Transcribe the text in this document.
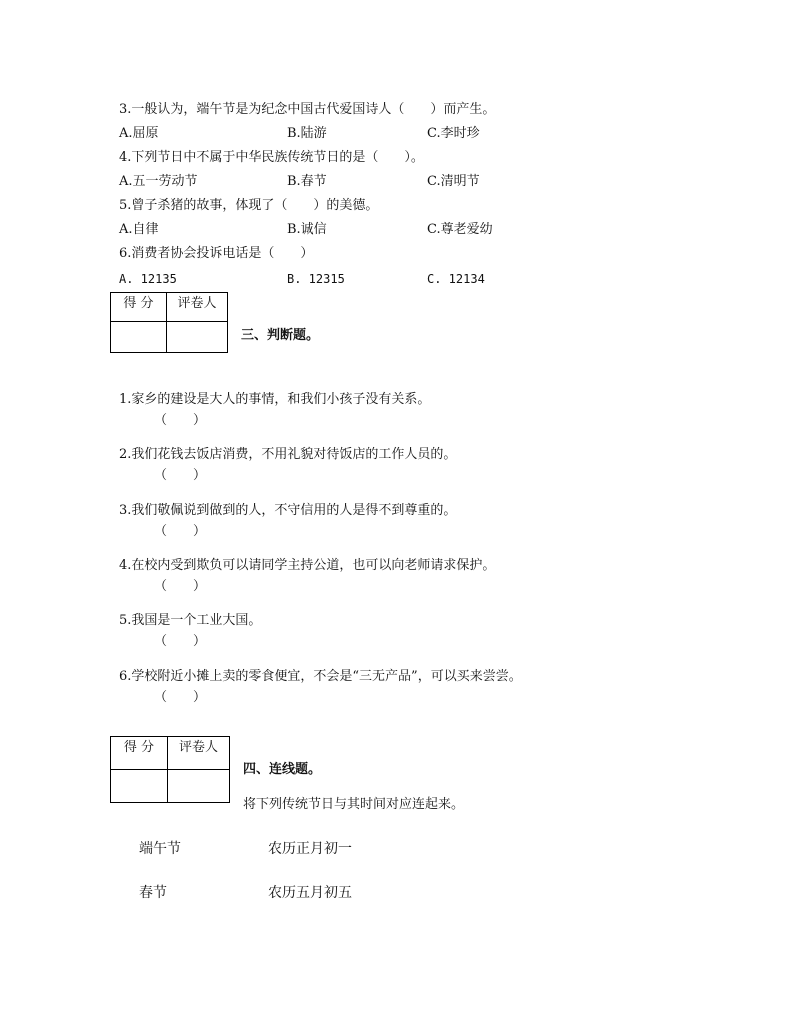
3.一般认为，端午节是为纪念中国古代爱国诗人（　　）而产生。
A.屈原	B.陆游	C.李时珍
4.下列节日中不属于中华民族传统节日的是（　　）。
A.五一劳动节	B.春节	C.清明节
5.曾子杀猪的故事，体现了（　　）的美德。
A.自律	B.诚信	C.尊老爱幼
6.消费者协会投诉电话是（　　）
A. 12135	B. 12315	C. 12134
得 分	评卷人

三、判断题。
1.家乡的建设是大人的事情，和我们小孩子没有关系。
（　　）
2.我们花钱去饭店消费，不用礼貌对待饭店的工作人员的。
（　　）
3.我们敬佩说到做到的人，不守信用的人是得不到尊重的。
（　　）
4.在校内受到欺负可以请同学主持公道，也可以向老师请求保护。
（　　）
5.我国是一个工业大国。
（　　）
6.学校附近小摊上卖的零食便宜，不会是“三无产品”，可以买来尝尝。
（　　）
得 分	评卷人

四、连线题。
将下列传统节日与其时间对应连起来。
端午节	农历正月初一
春节	农历五月初五
